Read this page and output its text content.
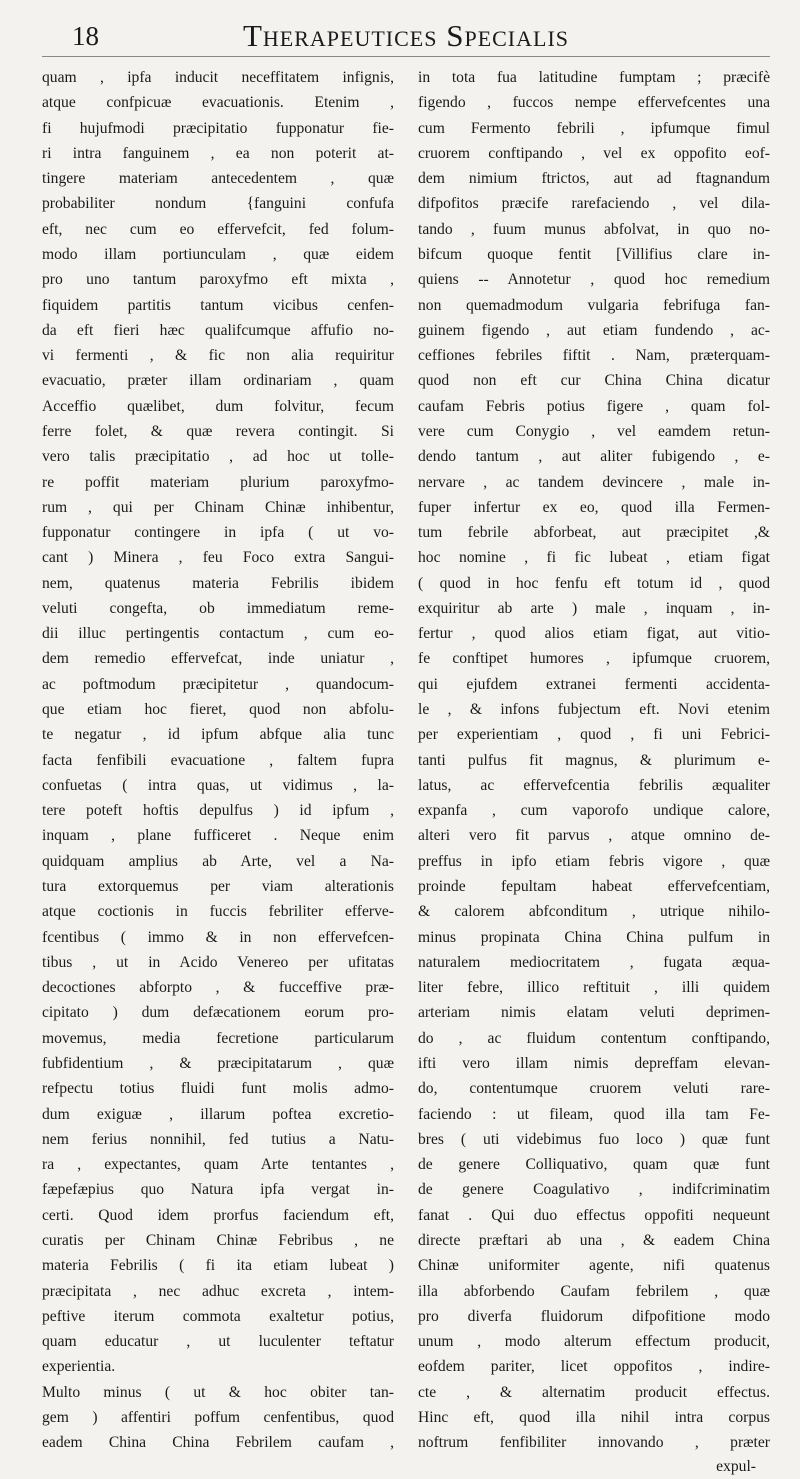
18	Therapeutices Specialis
quam , ipfa inducit neceffitatem infignis,
atque confpicuæ evacuationis. Etenim ,
fi hujufmodi præcipitatio fupponatur fie-
ri intra fanguinem , ea non poterit at-
tingere materiam antecedentem , quæ
probabiliter nondum {fanguini confufa
eft, nec cum eo effervefcit, fed folum-
modo illam portiunculam , quæ eidem
pro uno tantum paroxyfmo eft mixta ,
fiquidem partitis tantum vicibus cenfen-
da eft fieri hæc qualifcumque affufio no-
vi fermenti , & fic non alia requiritur
evacuatio, præter illam ordinariam , quam
Acceffio quælibet, dum folvitur, fecum
ferre folet, & quæ revera contingit. Si
vero talis præcipitatio , ad hoc ut tolle-
re poffit materiam plurium paroxyfmo-
rum , qui per Chinam Chinæ inhibentur,
fupponatur contingere in ipfa ( ut vo-
cant ) Minera , feu Foco extra Sangui-
nem, quatenus materia Febrilis ibidem
veluti congefta, ob immediatum reme-
dii illuc pertingentis contactum , cum eo-
dem remedio effervefcat, inde uniatur ,
ac poftmodum præcipitetur , quandocum-
que etiam hoc fieret, quod non abfolu-
te negatur , id ipfum abfque alia tunc
facta fenfibili evacuatione , faltem fupra
confuetas ( intra quas, ut vidimus , la-
tere poteft hoftis depulfus ) id ipfum ,
inquam , plane fufficeret . Neque enim
quidquam amplius ab Arte, vel a Na-
tura extorquemus per viam alterationis
atque coctionis in fuccis febriliter efferve-
fcentibus ( immo & in non effervefcen-
tibus , ut in Acido Venereo per ufitatas
decoctiones abforpto , & fucceffive præ-
cipitato ) dum defæcationem eorum pro-
movemus, media fecretione particularum
fubfidentium , & præcipitatarum , quæ
refpectu totius fluidi funt molis admo-
dum exiguæ , illarum poftea excretio-
nem ferius nonnihil, fed tutius a Natu-
ra , expectantes, quam Arte tentantes ,
fæpefæpius quo Natura ipfa vergat in-
certi. Quod idem prorfus faciendum eft,
curatis per Chinam Chinæ Febribus , ne
materia Febrilis ( fi ita etiam lubeat )
præcipitata , nec adhuc excreta , intem-
peftive iterum commota exaltetur potius,
quam educatur , ut luculenter teftatur
experientia.
Multo minus ( ut & hoc obiter tan-
gem ) affentiri poffum cenfentibus, quod
eadem China China Febrilem caufam ,
in tota fua latitudine fumptam ; præcifè
figendo , fuccos nempe effervefcentes una
cum Fermento febrili , ipfumque fimul
cruorem conftipando , vel ex oppofito eof-
dem nimium ftrictos, aut ad ftagnandum
difpofitos præcife rarefaciendo , vel dila-
tando , fuum munus abfolvat, in quo no-
bifcum quoque fentit [Villifius clare in-
quiens -- Annotetur , quod hoc remedium
non quemadmodum vulgaria febrifuga fan-
guinem figendo , aut etiam fundendo , ac-
ceffiones febriles fiftit . Nam, præterquam-
quod non eft cur China China dicatur
caufam Febris potius figere , quam fol-
vere cum Conygio , vel eamdem retun-
dendo tantum , aut aliter fubigendo , e-
nervare , ac tandem devincere , male in-
fuper infertur ex eo, quod illa Fermen-
tum febrile abforbeat, aut præcipitet ,&
hoc nomine , fi fic lubeat , etiam figat
( quod in hoc fenfu eft totum id , quod
exquiritur ab arte ) male , inquam , in-
fertur , quod alios etiam figat, aut vitio-
fe conftipet humores , ipfumque cruorem,
qui ejufdem extranei fermenti accidenta-
le , & infons fubjectum eft. Novi etenim
per experientiam , quod , fi uni Febrici-
tanti pulfus fit magnus, & plurimum e-
latus, ac effervefcentia febrilis æqualiter
expanfa , cum vaporofo undique calore,
alteri vero fit parvus , atque omnino de-
preffus in ipfo etiam febris vigore , quæ
proinde fepultam habeat effervefcentiam,
& calorem abfconditum , utrique nihilo-
minus propinata China China pulfum in
naturalem mediocritatem , fugata æqua-
liter febre, illico reftituit , illi quidem
arteriam nimis elatam veluti deprimen-
do , ac fluidum contentum conftipando,
ifti vero illam nimis depreffam elevan-
do, contentumque cruorem veluti rare-
faciendo : ut fileam, quod illa tam Fe-
bres ( uti videbimus fuo loco ) quæ funt
de genere Colliquativo, quam quæ funt
de genere Coagulativo , indifcriminatim
fanat . Qui duo effectus oppofiti nequeunt
directe præftari ab una , & eadem China
Chinæ uniformiter agente, nifi quatenus
illa abforbendo Caufam febrilem , quæ
pro diverfa fluidorum difpofitione modo
unum , modo alterum effectum producit,
eofdem pariter, licet oppofitos , indire-
cte , & alternatim producit effectus.
Hinc eft, quod illa nihil intra corpus
noftrum fenfibiliter innovando , præter
expul-
